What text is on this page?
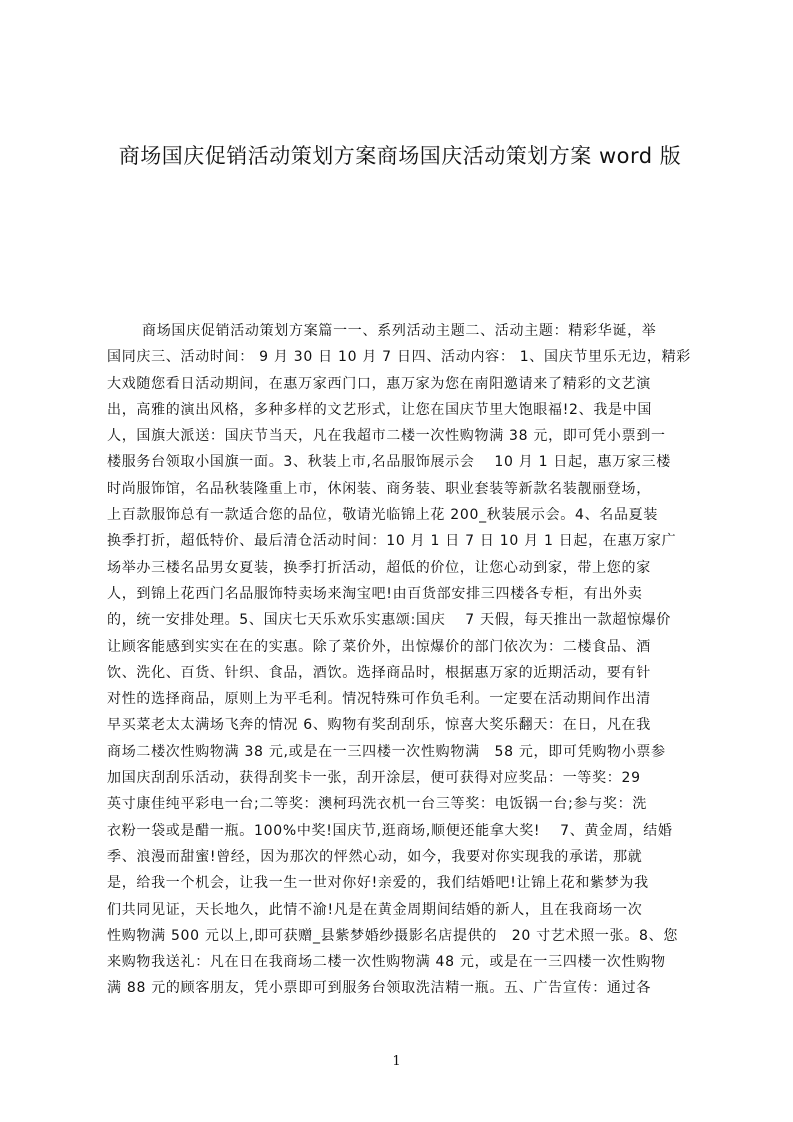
商场国庆促销活动策划方案商场国庆活动策划方案 word 版
商场国庆促销活动策划方案篇一一、系列活动主题二、活动主题：精彩华诞，举
国同庆三、活动时间： 9 月 30 日 10 月 7 日四、活动内容： 1、国庆节里乐无边，精彩
大戏随您看日活动期间，在惠万家西门口，惠万家为您在南阳邀请来了精彩的文艺演
出，高雅的演出风格，多种多样的文艺形式，让您在国庆节里大饱眼福!2、我是中国
人，国旗大派送：国庆节当天，凡在我超市二楼一次性购物满 38 元，即可凭小票到一
楼服务台领取小国旗一面。3、秋装上市,名品服饰展示会　 10 月 1 日起，惠万家三楼
时尚服饰馆，名品秋装隆重上市，休闲装、商务装、职业套装等新款名装靓丽登场，
上百款服饰总有一款适合您的品位，敬请光临锦上花 200_秋装展示会。4、名品夏装
换季打折，超低特价、最后清仓活动时间：10 月 1 日 7 日 10 月 1 日起，在惠万家广
场举办三楼名品男女夏装，换季打折活动，超低的价位，让您心动到家，带上您的家
人，到锦上花西门名品服饰特卖场来淘宝吧!由百货部安排三四楼各专柜，有出外卖
的，统一安排处理。5、国庆七天乐欢乐实惠颂:国庆　 7 天假，每天推出一款超惊爆价
让顾客能感到实实在在的实惠。除了菜价外，出惊爆价的部门依次为：二楼食品、酒
饮、洗化、百货、针织、食品，酒饮。选择商品时，根据惠万家的近期活动，要有针
对性的选择商品，原则上为平毛利。情况特殊可作负毛利。一定要在活动期间作出清
早买菜老太太满场飞奔的情况 6、购物有奖刮刮乐，惊喜大奖乐翻天：在日，凡在我
商场二楼次性购物满 38 元,或是在一三四楼一次性购物满　58 元，即可凭购物小票参
加国庆刮刮乐活动，获得刮奖卡一张，刮开涂层，便可获得对应奖品：一等奖：29
英寸康佳纯平彩电一台;二等奖：澳柯玛洗衣机一台三等奖：电饭锅一台;参与奖：洗
衣粉一袋或是醋一瓶。100%中奖!国庆节,逛商场,顺便还能拿大奖!　 7、黄金周，结婚
季、浪漫而甜蜜!曾经，因为那次的怦然心动，如今，我要对你实现我的承诺，那就
是，给我一个机会，让我一生一世对你好!亲爱的，我们结婚吧!让锦上花和紫梦为我
们共同见证，天长地久，此情不渝!凡是在黄金周期间结婚的新人，且在我商场一次
性购物满 500 元以上,即可获赠_县紫梦婚纱摄影名店提供的　20 寸艺术照一张。8、您
来购物我送礼：凡在日在我商场二楼一次性购物满 48 元，或是在一三四楼一次性购物
满 88 元的顾客朋友，凭小票即可到服务台领取洗洁精一瓶。五、广告宣传：通过各
1
